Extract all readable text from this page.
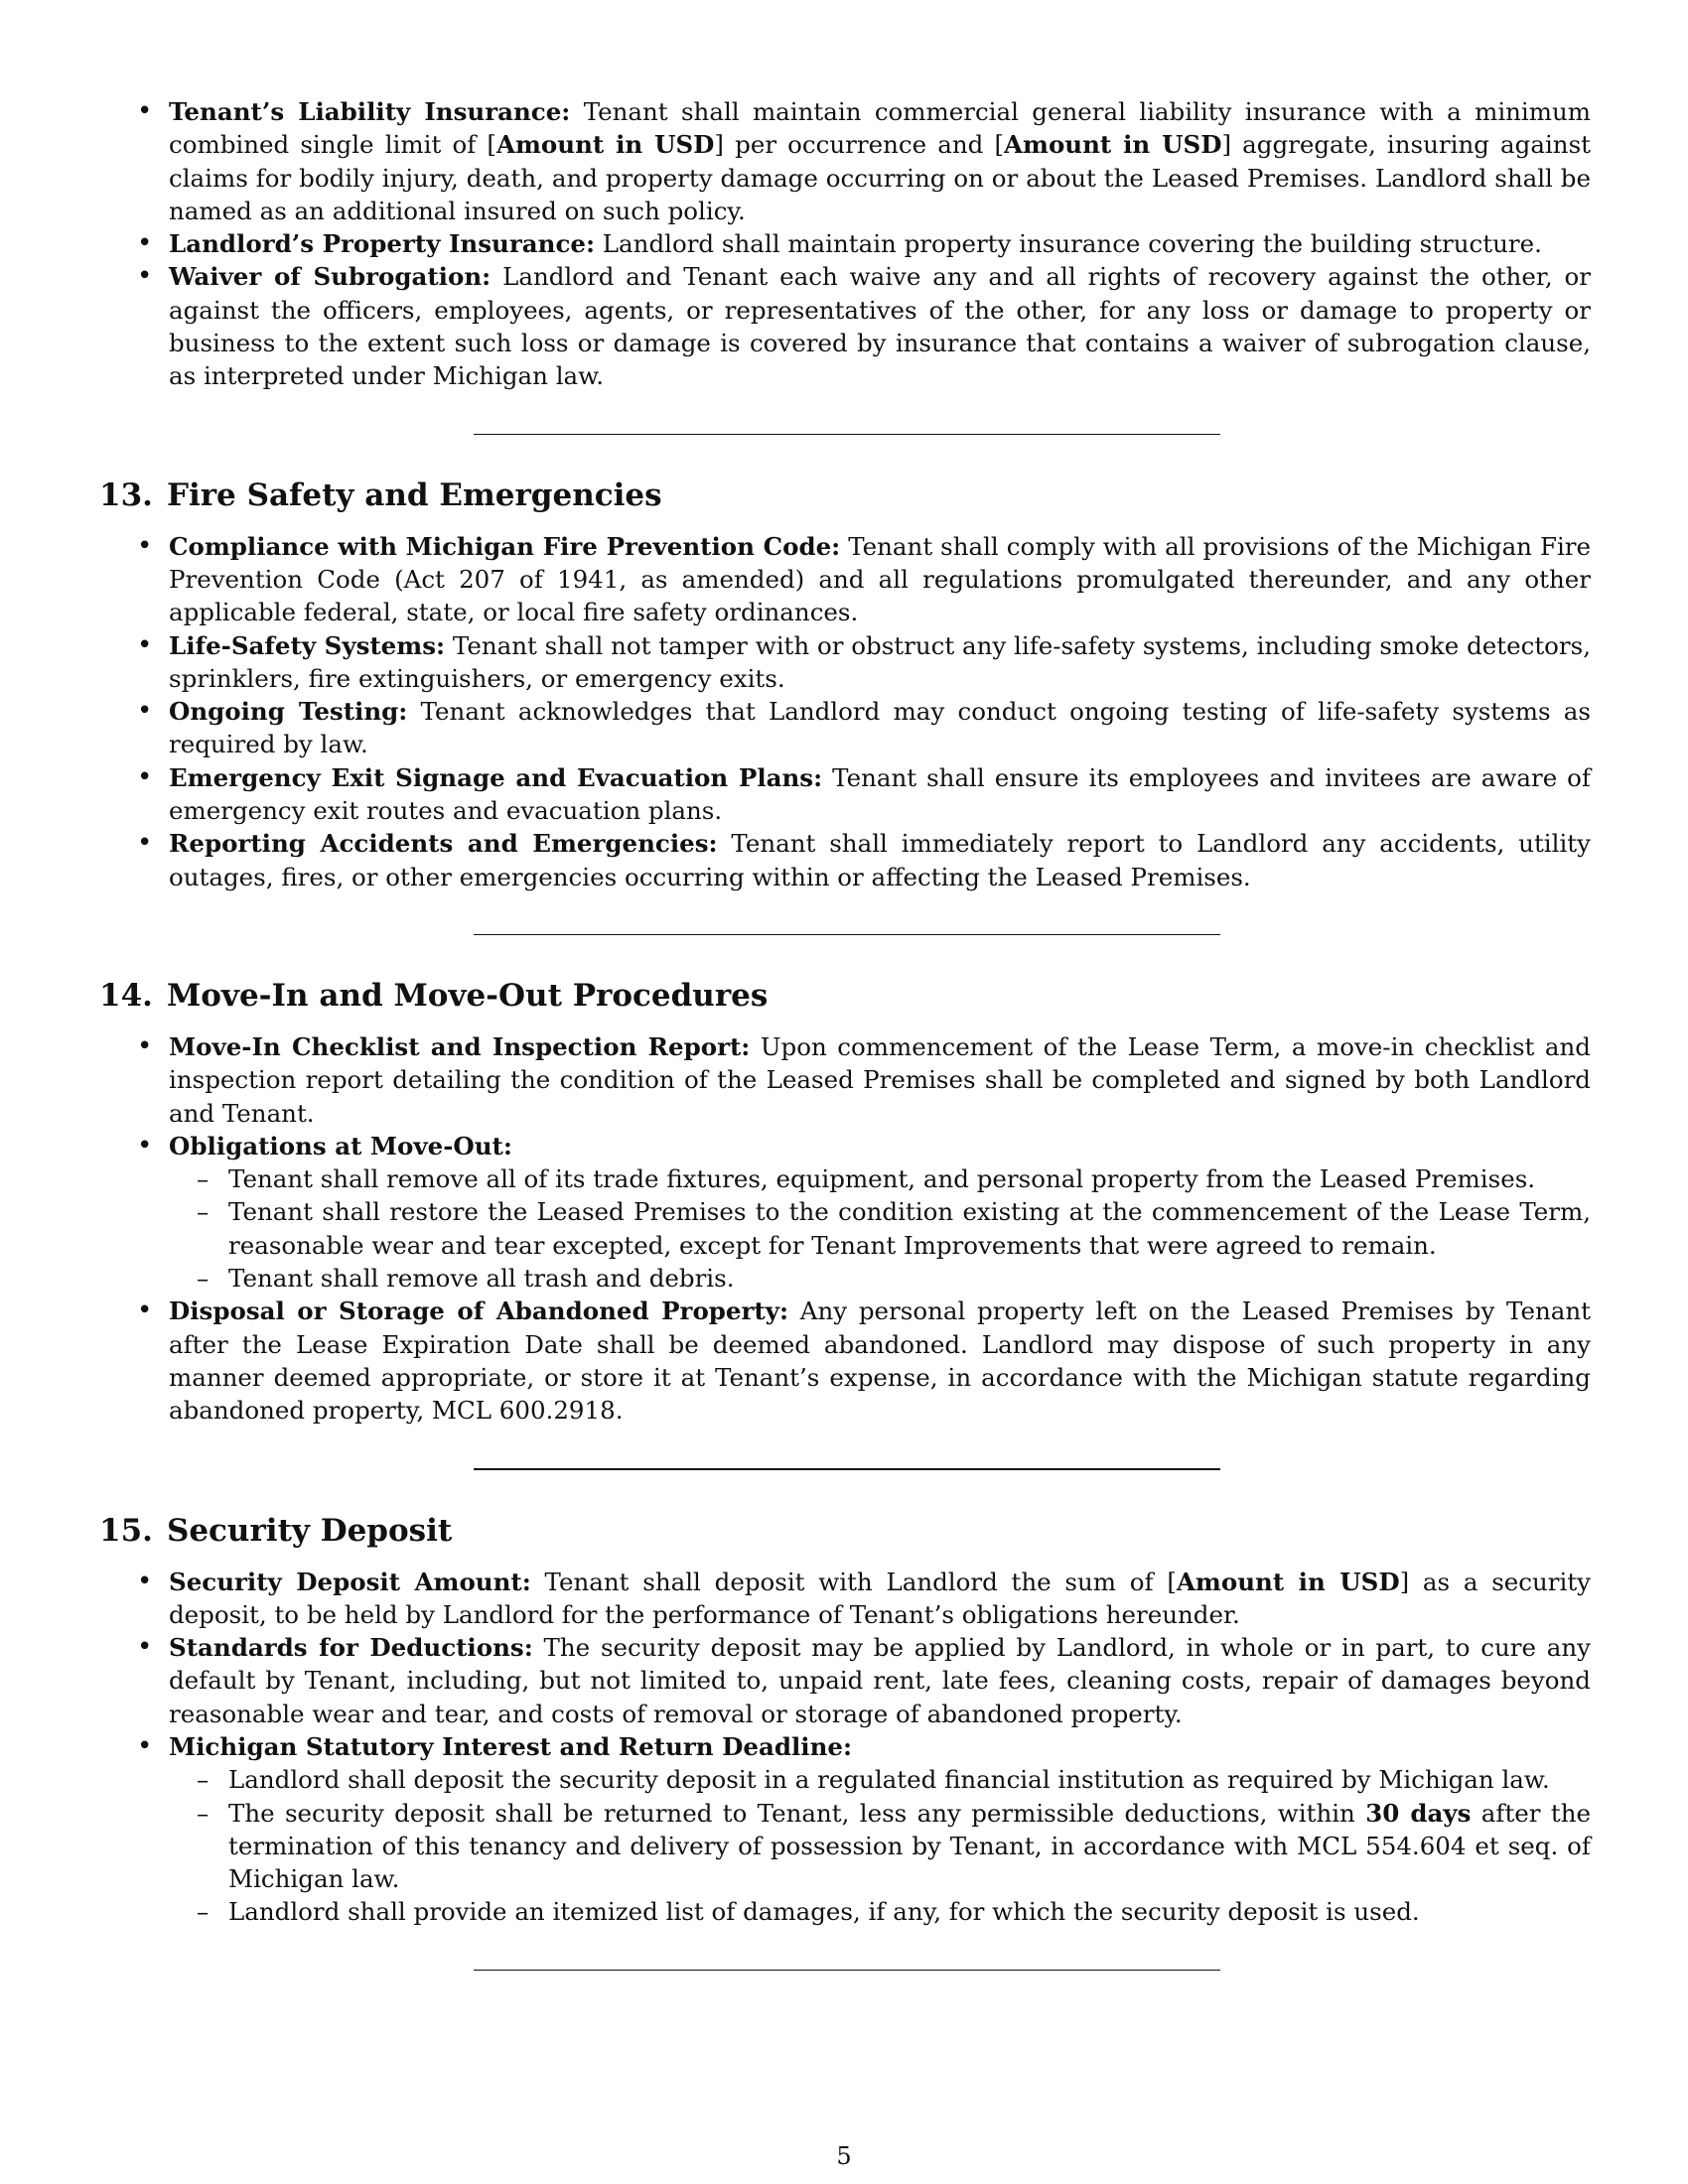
• Tenant’s Liability Insurance: Tenant shall maintain commercial general liability insurance with a minimum combined single limit of [Amount in USD] per occurrence and [Amount in USD] aggregate, insuring against claims for bodily injury, death, and property damage occurring on or about the Leased Premises. Landlord shall be named as an additional insured on such policy.
• Landlord’s Property Insurance: Landlord shall maintain property insurance covering the building structure.
• Waiver of Subrogation: Landlord and Tenant each waive any and all rights of recovery against the other, or against the officers, employees, agents, or representatives of the other, for any loss or damage to property or business to the extent such loss or damage is covered by insurance that contains a waiver of subrogation clause, as interpreted under Michigan law.
13. Fire Safety and Emergencies
• Compliance with Michigan Fire Prevention Code: Tenant shall comply with all provisions of the Michigan Fire Prevention Code (Act 207 of 1941, as amended) and all regulations promulgated thereunder, and any other applicable federal, state, or local fire safety ordinances.
• Life-Safety Systems: Tenant shall not tamper with or obstruct any life-safety systems, including smoke detectors, sprinklers, fire extinguishers, or emergency exits.
• Ongoing Testing: Tenant acknowledges that Landlord may conduct ongoing testing of life-safety systems as required by law.
• Emergency Exit Signage and Evacuation Plans: Tenant shall ensure its employees and invitees are aware of emergency exit routes and evacuation plans.
• Reporting Accidents and Emergencies: Tenant shall immediately report to Landlord any accidents, utility outages, fires, or other emergencies occurring within or affecting the Leased Premises.
14. Move-In and Move-Out Procedures
• Move-In Checklist and Inspection Report: Upon commencement of the Lease Term, a move-in checklist and inspection report detailing the condition of the Leased Premises shall be completed and signed by both Landlord and Tenant.
• Obligations at Move-Out:
– Tenant shall remove all of its trade fixtures, equipment, and personal property from the Leased Premises.
– Tenant shall restore the Leased Premises to the condition existing at the commencement of the Lease Term, reasonable wear and tear excepted, except for Tenant Improvements that were agreed to remain.
– Tenant shall remove all trash and debris.
• Disposal or Storage of Abandoned Property: Any personal property left on the Leased Premises by Tenant after the Lease Expiration Date shall be deemed abandoned. Landlord may dispose of such property in any manner deemed appropriate, or store it at Tenant’s expense, in accordance with the Michigan statute regarding abandoned property, MCL 600.2918.
15. Security Deposit
• Security Deposit Amount: Tenant shall deposit with Landlord the sum of [Amount in USD] as a security deposit, to be held by Landlord for the performance of Tenant’s obligations hereunder.
• Standards for Deductions: The security deposit may be applied by Landlord, in whole or in part, to cure any default by Tenant, including, but not limited to, unpaid rent, late fees, cleaning costs, repair of damages beyond reasonable wear and tear, and costs of removal or storage of abandoned property.
• Michigan Statutory Interest and Return Deadline:
– Landlord shall deposit the security deposit in a regulated financial institution as required by Michigan law.
– The security deposit shall be returned to Tenant, less any permissible deductions, within 30 days after the termination of this tenancy and delivery of possession by Tenant, in accordance with MCL 554.604 et seq. of Michigan law.
– Landlord shall provide an itemized list of damages, if any, for which the security deposit is used.
5
